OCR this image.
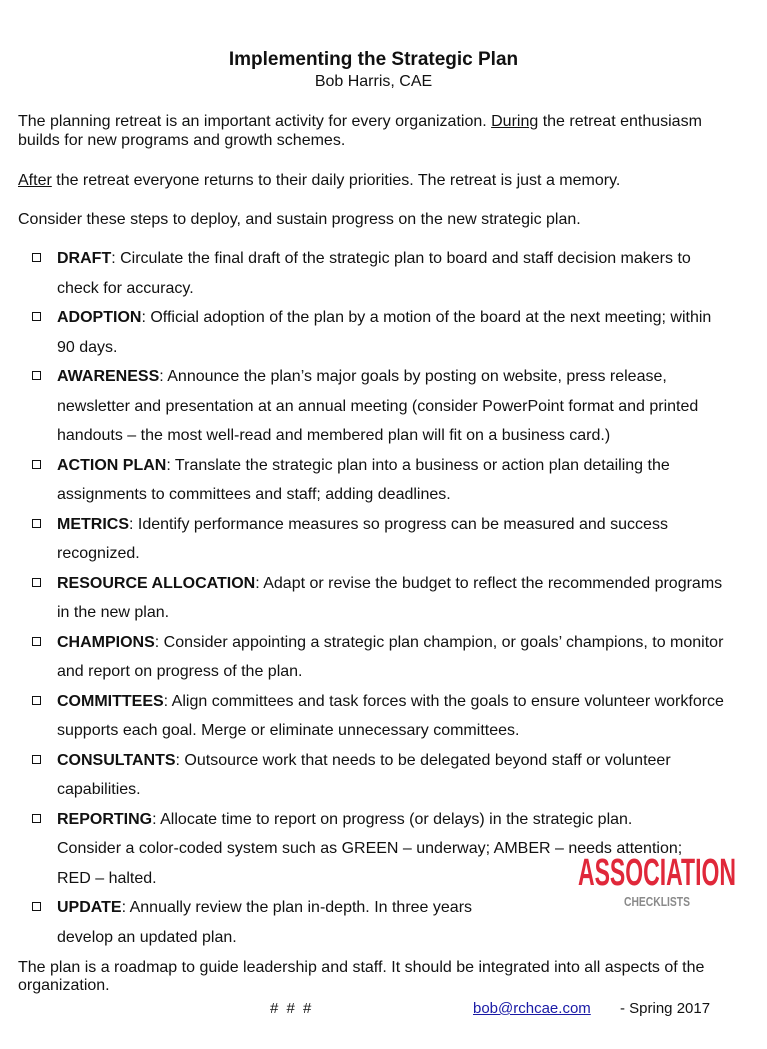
Implementing the Strategic Plan
Bob Harris, CAE
The planning retreat is an important activity for every organization. During the retreat enthusiasm builds for new programs and growth schemes.
After the retreat everyone returns to their daily priorities. The retreat is just a memory.
Consider these steps to deploy, and sustain progress on the new strategic plan.
DRAFT: Circulate the final draft of the strategic plan to board and staff decision makers to check for accuracy.
ADOPTION: Official adoption of the plan by a motion of the board at the next meeting; within 90 days.
AWARENESS: Announce the plan’s major goals by posting on website, press release, newsletter and presentation at an annual meeting (consider PowerPoint format and printed handouts – the most well-read and membered plan will fit on a business card.)
ACTION PLAN: Translate the strategic plan into a business or action plan detailing the assignments to committees and staff; adding deadlines.
METRICS: Identify performance measures so progress can be measured and success recognized.
RESOURCE ALLOCATION: Adapt or revise the budget to reflect the recommended programs in the new plan.
CHAMPIONS: Consider appointing a strategic plan champion, or goals’ champions, to monitor and report on progress of the plan.
COMMITTEES: Align committees and task forces with the goals to ensure volunteer workforce supports each goal. Merge or eliminate unnecessary committees.
CONSULTANTS: Outsource work that needs to be delegated beyond staff or volunteer capabilities.
REPORTING: Allocate time to report on progress (or delays) in the strategic plan. Consider a color-coded system such as GREEN – underway; AMBER – needs attention; RED – halted.
UPDATE: Annually review the plan in-depth. In three years develop an updated plan.
The plan is a roadmap to guide leadership and staff. It should be integrated into all aspects of the organization.
# # #	bob@rchcae.com - Spring 2017
ASSOCIATION
CHECKLISTS
